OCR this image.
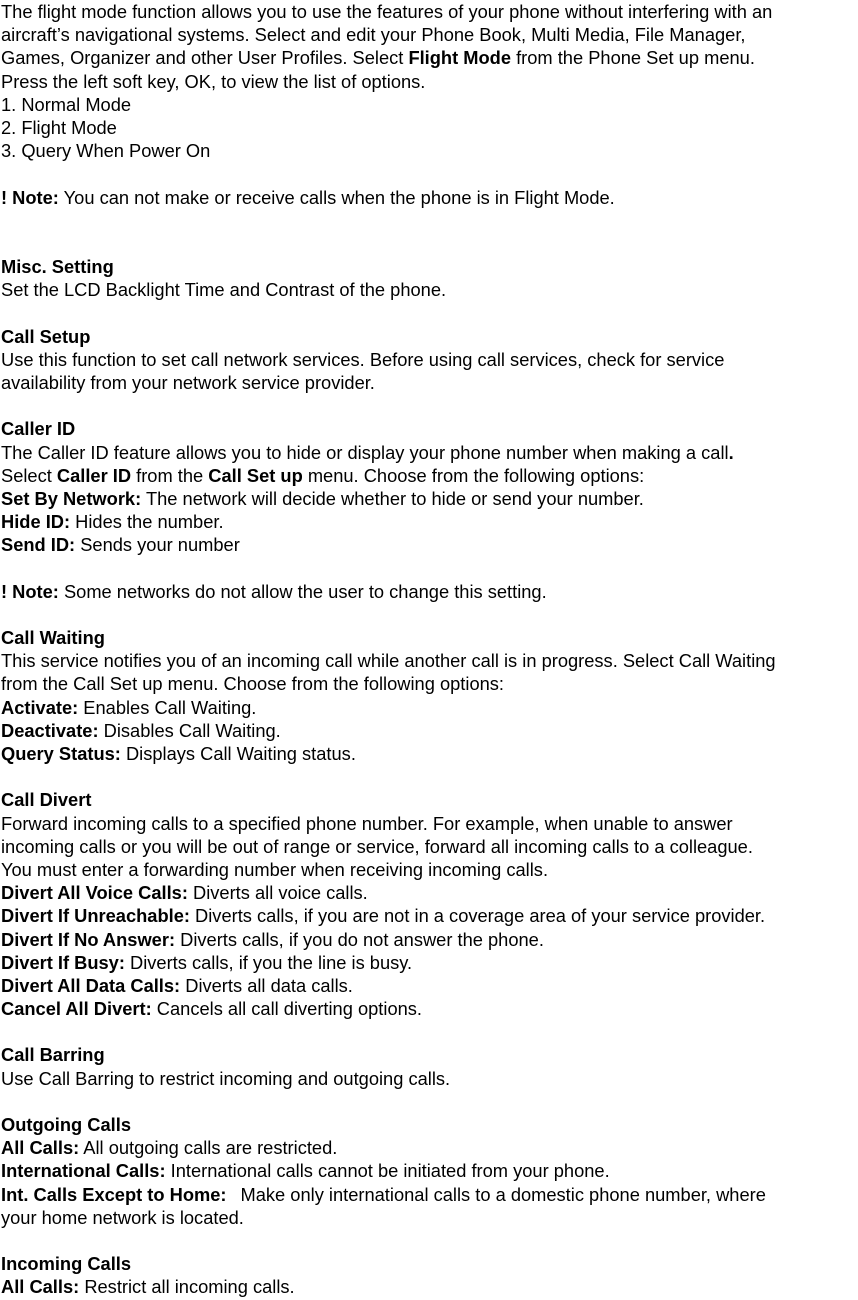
The flight mode function allows you to use the features of your phone without interfering with an
aircraft’s navigational systems. Select and edit your Phone Book, Multi Media, File Manager,
Games, Organizer and other User Profiles. Select Flight Mode from the Phone Set up menu.
Press the left soft key, OK, to view the list of options.
1. Normal Mode
2. Flight Mode
3. Query When Power On
! Note: You can not make or receive calls when the phone is in Flight Mode.
Misc. Setting
Set the LCD Backlight Time and Contrast of the phone.
Call Setup
Use this function to set call network services. Before using call services, check for service
availability from your network service provider.
Caller ID
The Caller ID feature allows you to hide or display your phone number when making a call.
Select Caller ID from the Call Set up menu. Choose from the following options:
Set By Network: The network will decide whether to hide or send your number.
Hide ID: Hides the number.
Send ID: Sends your number
! Note: Some networks do not allow the user to change this setting.
Call Waiting
This service notifies you of an incoming call while another call is in progress. Select Call Waiting
from the Call Set up menu. Choose from the following options:
Activate: Enables Call Waiting.
Deactivate: Disables Call Waiting.
Query Status: Displays Call Waiting status.
Call Divert
Forward incoming calls to a specified phone number. For example, when unable to answer
incoming calls or you will be out of range or service, forward all incoming calls to a colleague.
You must enter a forwarding number when receiving incoming calls.
Divert All Voice Calls: Diverts all voice calls.
Divert If Unreachable: Diverts calls, if you are not in a coverage area of your service provider.
Divert If No Answer: Diverts calls, if you do not answer the phone.
Divert If Busy: Diverts calls, if you the line is busy.
Divert All Data Calls: Diverts all data calls.
Cancel All Divert: Cancels all call diverting options.
Call Barring
Use Call Barring to restrict incoming and outgoing calls.
Outgoing Calls
All Calls: All outgoing calls are restricted.
International Calls: International calls cannot be initiated from your phone.
Int. Calls Except to Home: Make only international calls to a domestic phone number, where
your home network is located.
Incoming Calls
All Calls: Restrict all incoming calls.
